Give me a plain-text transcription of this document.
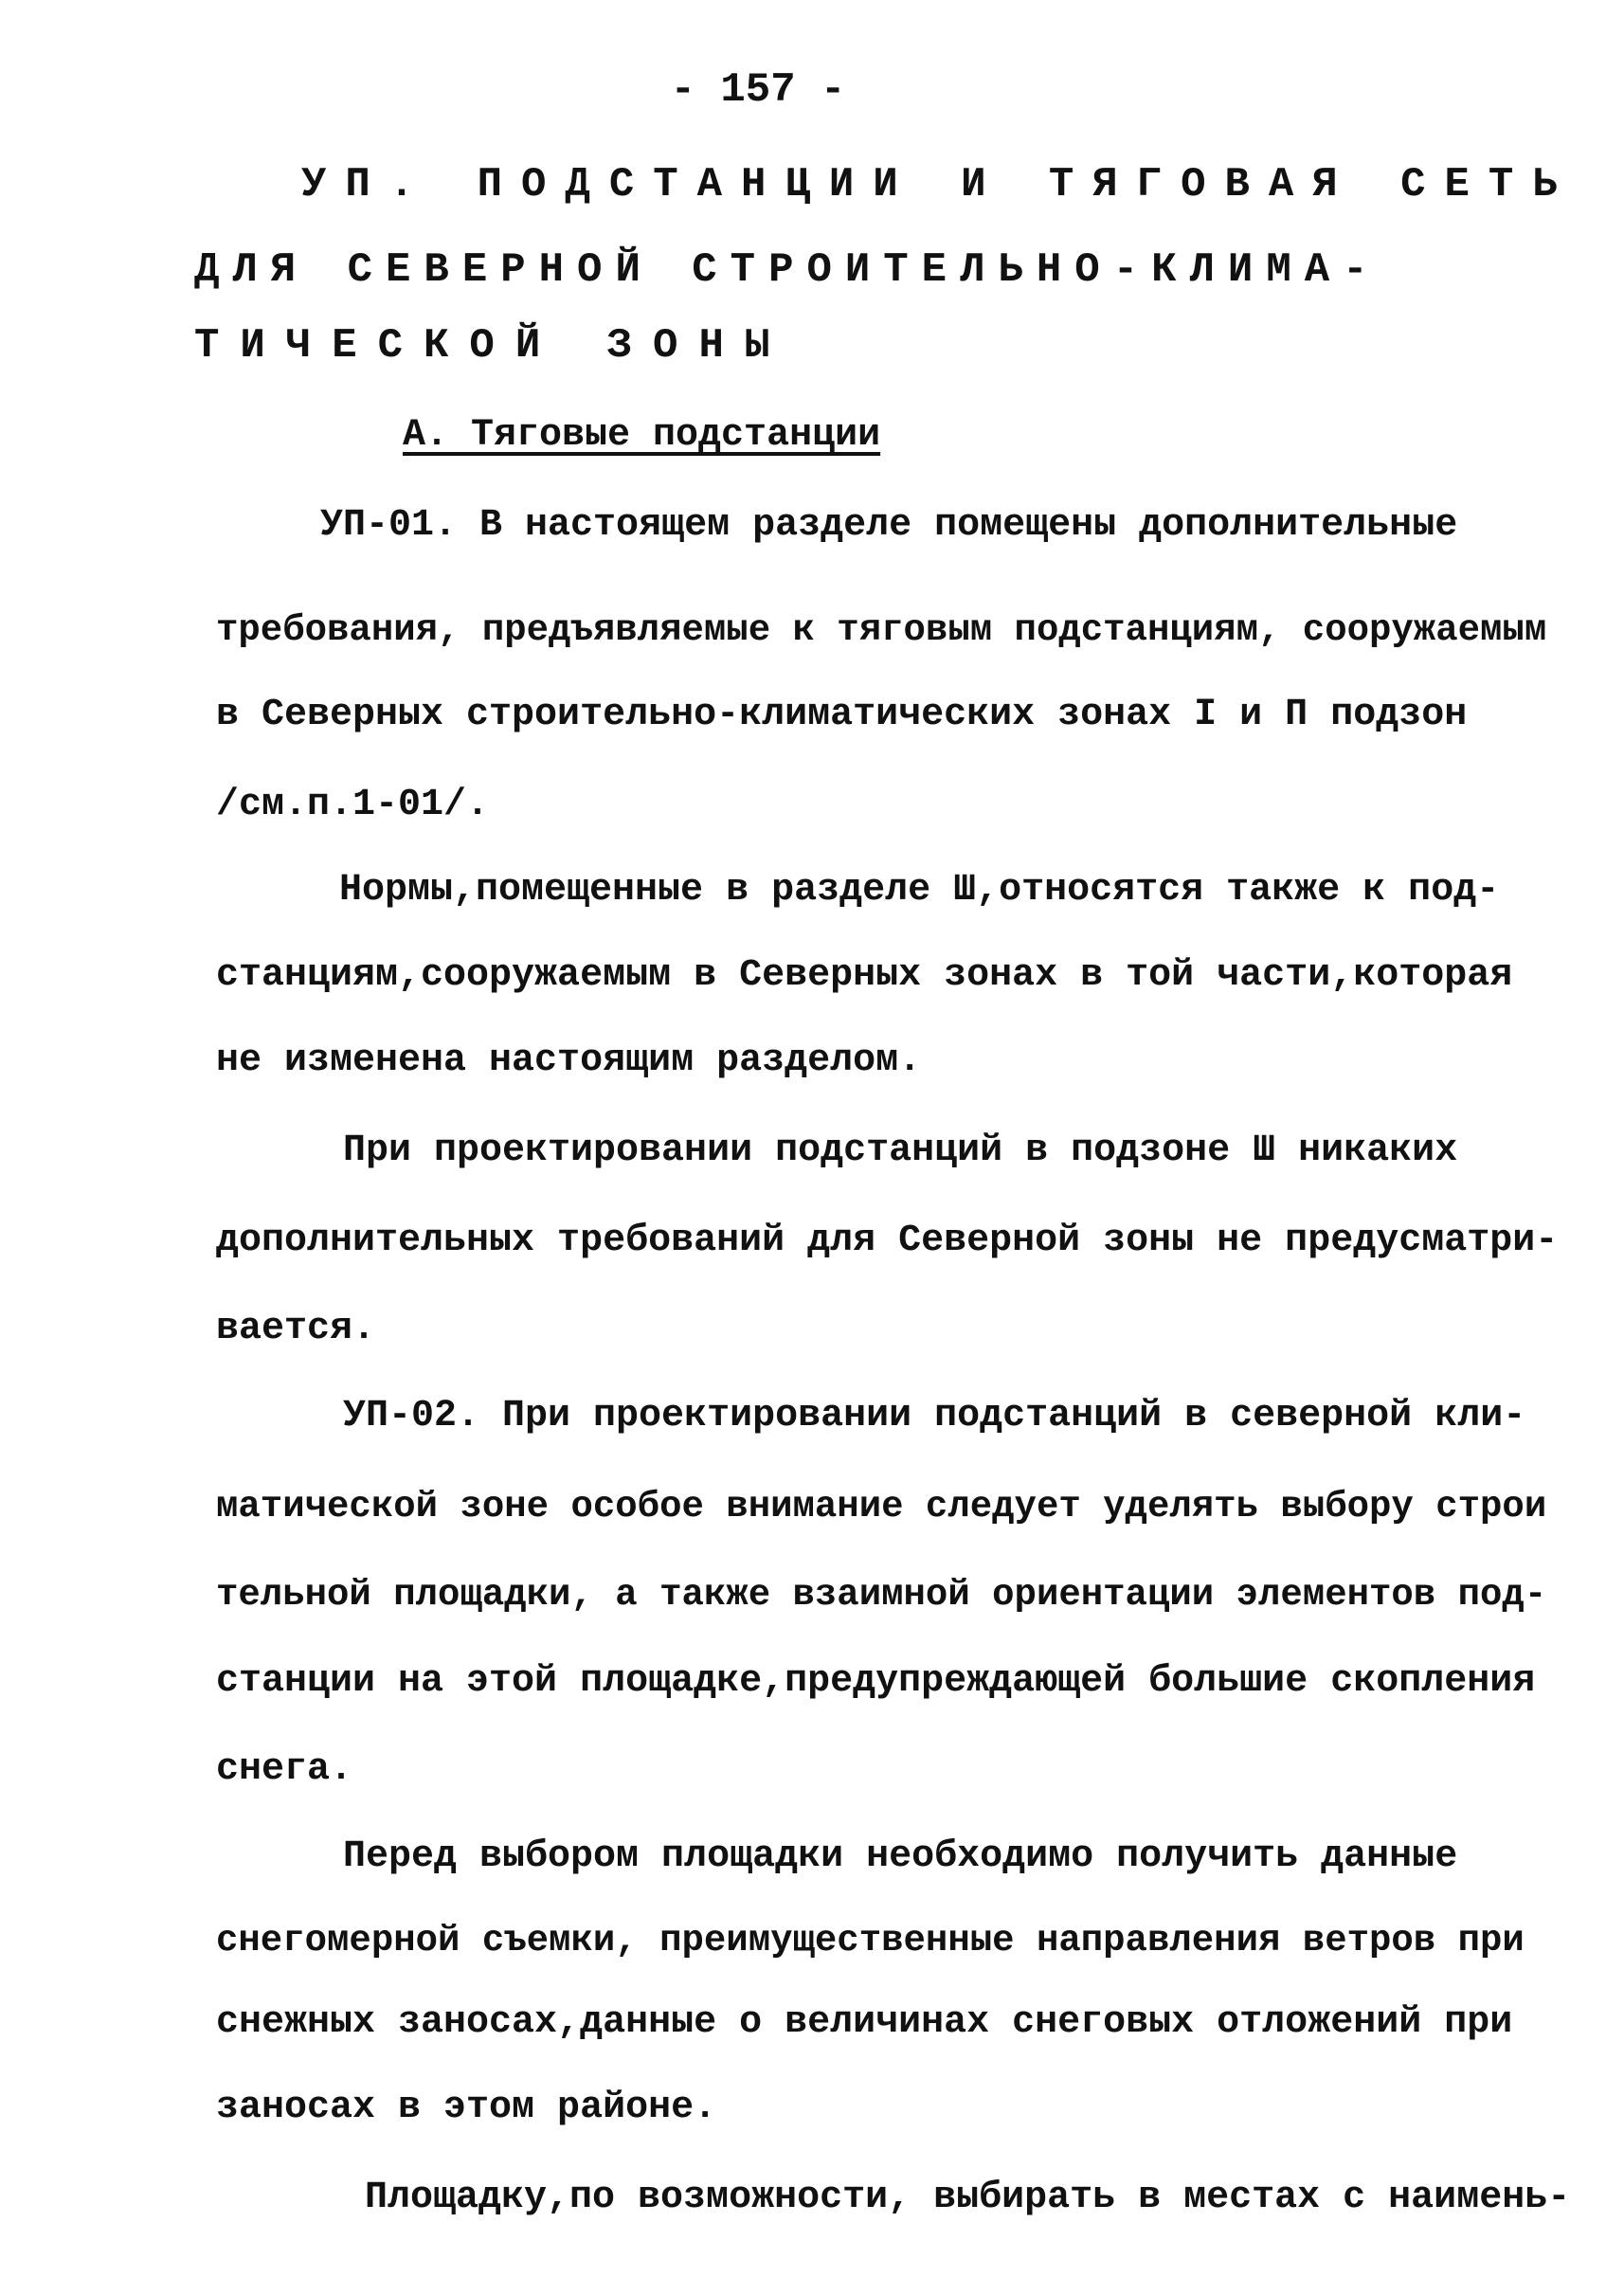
- 157 -
УП. ПОДСТАНЦИИ И ТЯГОВАЯ СЕТЬ
ДЛЯ СЕВЕРНОЙ СТРОИТЕЛЬНО-КЛИМА-
ТИЧЕСКОЙ ЗОНЫ
А. Тяговые подстанции
УП-01. В настоящем разделе помещены дополнительные
требования, предъявляемые к тяговым подстанциям, сооружаемым
в Северных строительно-климатических зонах I и П подзон
/см.п.1-01/.
Нормы,помещенные в разделе Ш,относятся также к под-
станциям,сооружаемым в Северных зонах в той части,которая
не изменена настоящим разделом.
При проектировании подстанций в подзоне Ш никаких
дополнительных требований для Северной зоны не предусматри-
вается.
УП-02. При проектировании подстанций в северной кли-
матической зоне особое внимание следует уделять выбору строи
тельной площадки, а также взаимной ориентации элементов под-
станции на этой площадке,предупреждающей большие скопления
снега.
Перед выбором площадки необходимо получить данные
снегомерной съемки, преимущественные направления ветров при
снежных заносах,данные о величинах снеговых отложений при
заносах в этом районе.
Площадку,по возможности, выбирать в местах с наимень-
